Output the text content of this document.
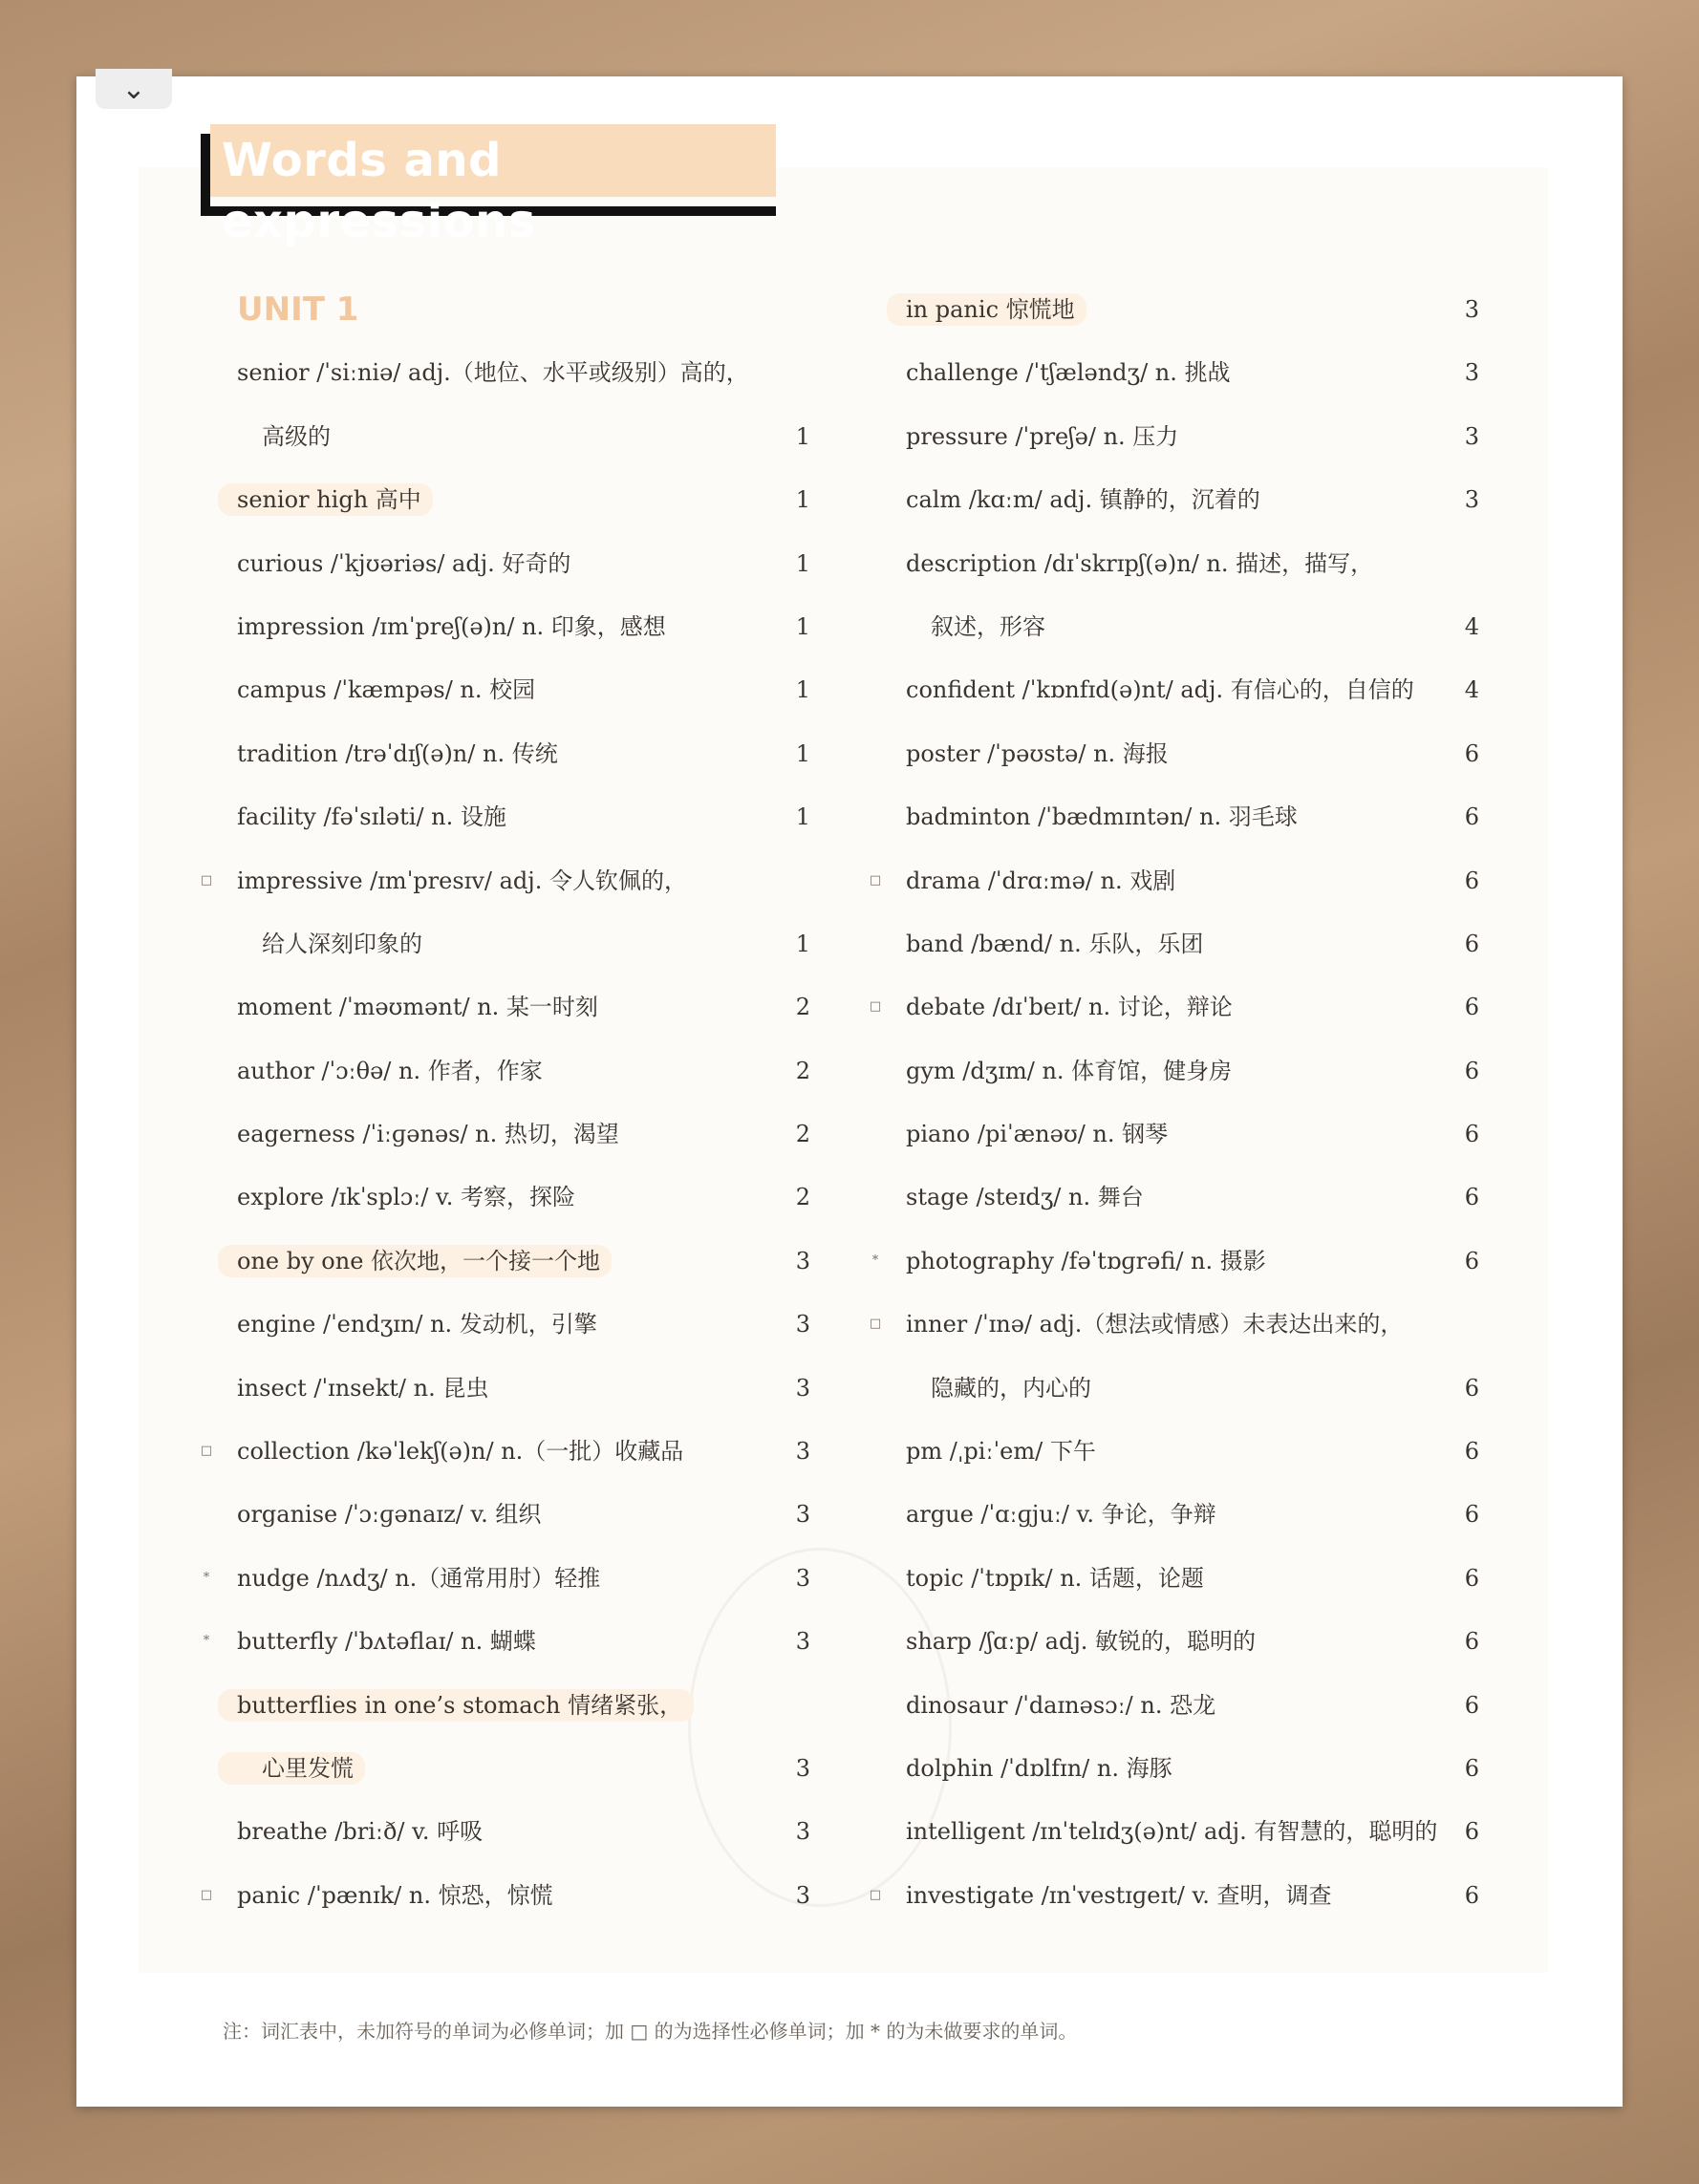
⌄
Words and expressions
UNIT 1
senior /ˈsiːniə/ adj.（地位、水平或级别）高的，
高级的	1
senior high 高中	1
curious /ˈkjʊəriəs/ adj. 好奇的	1
impression /ɪmˈpreʃ(ə)n/ n. 印象，感想	1
campus /ˈkæmpəs/ n. 校园	1
tradition /trəˈdɪʃ(ə)n/ n. 传统	1
facility /fəˈsɪləti/ n. 设施	1
□ impressive /ɪmˈpresɪv/ adj. 令人钦佩的，
给人深刻印象的	1
moment /ˈməʊmənt/ n. 某一时刻	2
author /ˈɔːθə/ n. 作者，作家	2
eagerness /ˈiːɡənəs/ n. 热切，渴望	2
explore /ɪkˈsplɔː/ v. 考察，探险	2
one by one 依次地，一个接一个地	3
engine /ˈendʒɪn/ n. 发动机，引擎	3
insect /ˈɪnsekt/ n. 昆虫	3
□ collection /kəˈlekʃ(ə)n/ n.（一批）收藏品	3
organise /ˈɔːɡənaɪz/ v. 组织	3
* nudge /nʌdʒ/ n.（通常用肘）轻推	3
* butterfly /ˈbʌtəflaɪ/ n. 蝴蝶	3
butterflies in one’s stomach 情绪紧张，
心里发慌	3
breathe /briːð/ v. 呼吸	3
□ panic /ˈpænɪk/ n. 惊恐，惊慌	3
in panic 惊慌地	3
challenge /ˈtʃæləndʒ/ n. 挑战	3
pressure /ˈpreʃə/ n. 压力	3
calm /kɑːm/ adj. 镇静的，沉着的	3
description /dɪˈskrɪpʃ(ə)n/ n. 描述，描写，
叙述，形容	4
confident /ˈkɒnfɪd(ə)nt/ adj. 有信心的，自信的 4
poster /ˈpəʊstə/ n. 海报	6
badminton /ˈbædmɪntən/ n. 羽毛球	6
□ drama /ˈdrɑːmə/ n. 戏剧	6
band /bænd/ n. 乐队，乐团	6
□ debate /dɪˈbeɪt/ n. 讨论，辩论	6
gym /dʒɪm/ n. 体育馆，健身房	6
piano /piˈænəʊ/ n. 钢琴	6
stage /steɪdʒ/ n. 舞台	6
* photography /fəˈtɒɡrəfi/ n. 摄影	6
□ inner /ˈɪnə/ adj.（想法或情感）未表达出来的，
隐藏的，内心的	6
pm /ˌpiːˈem/ 下午	6
argue /ˈɑːɡjuː/ v. 争论，争辩	6
topic /ˈtɒpɪk/ n. 话题，论题	6
sharp /ʃɑːp/ adj. 敏锐的，聪明的	6
dinosaur /ˈdaɪnəsɔː/ n. 恐龙	6
dolphin /ˈdɒlfɪn/ n. 海豚	6
intelligent /ɪnˈtelɪdʒ(ə)nt/ adj. 有智慧的，聪明的 6
□ investigate /ɪnˈvestɪɡeɪt/ v. 查明，调查	6
注：词汇表中，未加符号的单词为必修单词；加 □ 的为选择性必修单词；加 * 的为未做要求的单词。
